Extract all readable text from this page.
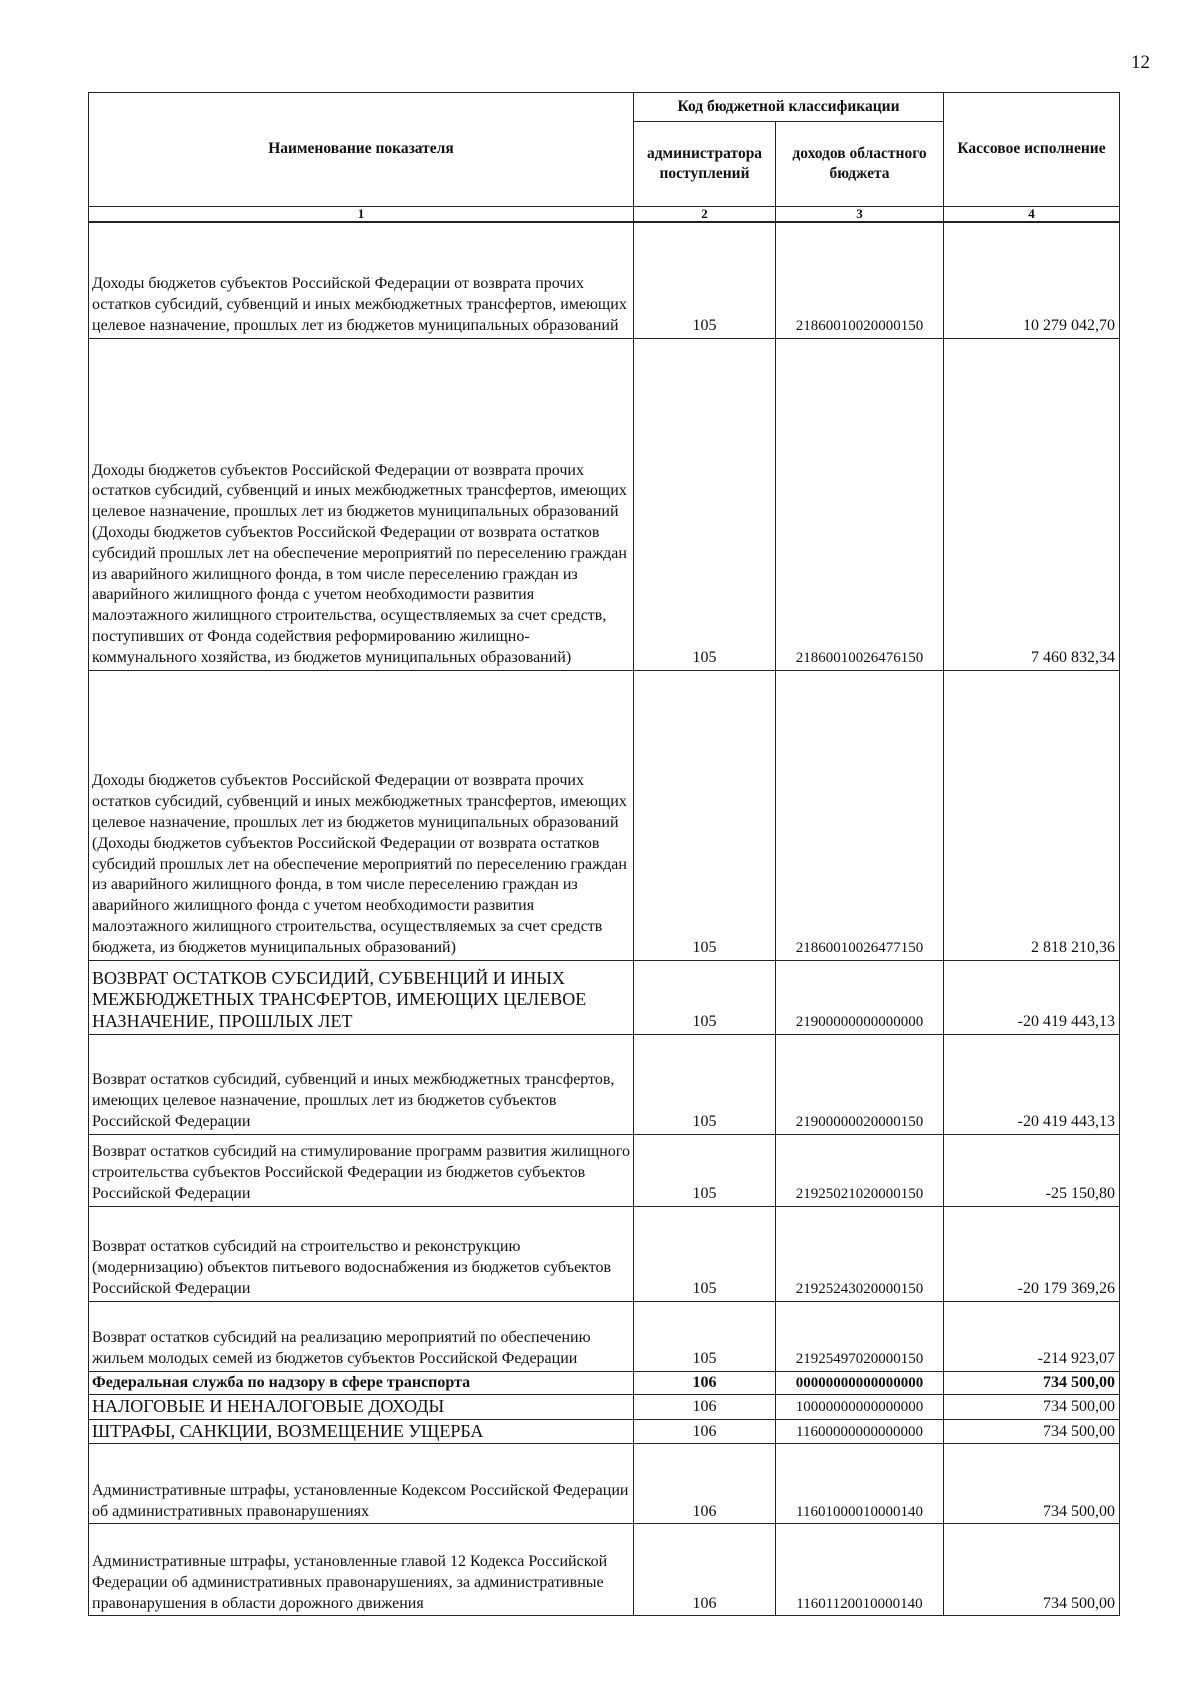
12
Наименование показателя	Код бюджетной классификации		Кассовое исполнение
	администратора поступлений	доходов областного бюджета	
1	2	3	4
Доходы бюджетов субъектов Российской Федерации от возврата прочих остатков субсидий, субвенций и иных межбюджетных трансфертов, имеющих целевое назначение, прошлых лет из бюджетов муниципальных образований	105	21860010020000150	10 279 042,70
Доходы бюджетов субъектов Российской Федерации от возврата прочих остатков субсидий, субвенций и иных межбюджетных трансфертов, имеющих целевое назначение, прошлых лет из бюджетов муниципальных образований (Доходы бюджетов субъектов Российской Федерации от возврата остатков субсидий прошлых лет на обеспечение мероприятий по переселению граждан из аварийного жилищного фонда, в том числе переселению граждан из аварийного жилищного фонда с учетом необходимости развития малоэтажного жилищного строительства, осуществляемых за счет средств, поступивших от Фонда содействия реформированию жилищно-коммунального хозяйства, из бюджетов муниципальных образований)	105	21860010026476150	7 460 832,34
Доходы бюджетов субъектов Российской Федерации от возврата прочих остатков субсидий, субвенций и иных межбюджетных трансфертов, имеющих целевое назначение, прошлых лет из бюджетов муниципальных образований (Доходы бюджетов субъектов Российской Федерации от возврата остатков субсидий прошлых лет на обеспечение мероприятий по переселению граждан из аварийного жилищного фонда, в том числе переселению граждан из аварийного жилищного фонда с учетом необходимости развития малоэтажного жилищного строительства, осуществляемых за счет средств бюджета, из бюджетов муниципальных образований)	105	21860010026477150	2 818 210,36
ВОЗВРАТ ОСТАТКОВ СУБСИДИЙ, СУБВЕНЦИЙ И ИНЫХ МЕЖБЮДЖЕТНЫХ ТРАНСФЕРТОВ, ИМЕЮЩИХ ЦЕЛЕВОЕ НАЗНАЧЕНИЕ, ПРОШЛЫХ ЛЕТ	105	21900000000000000	-20 419 443,13
Возврат остатков субсидий, субвенций и иных межбюджетных трансфертов, имеющих целевое назначение, прошлых лет из бюджетов субъектов Российской Федерации	105	21900000020000150	-20 419 443,13
Возврат остатков субсидий на стимулирование программ развития жилищного строительства субъектов Российской Федерации из бюджетов субъектов Российской Федерации	105	21925021020000150	-25 150,80
Возврат остатков субсидий на строительство и реконструкцию (модернизацию) объектов питьевого водоснабжения из бюджетов субъектов Российской Федерации	105	21925243020000150	-20 179 369,26
Возврат остатков субсидий на реализацию мероприятий по обеспечению жильем молодых семей из бюджетов субъектов Российской Федерации	105	21925497020000150	-214 923,07
Федеральная служба по надзору в сфере транспорта	106	00000000000000000	734 500,00
НАЛОГОВЫЕ И НЕНАЛОГОВЫЕ ДОХОДЫ	106	10000000000000000	734 500,00
ШТРАФЫ, САНКЦИИ, ВОЗМЕЩЕНИЕ УЩЕРБА	106	11600000000000000	734 500,00
Административные штрафы, установленные Кодексом Российской Федерации об административных правонарушениях	106	11601000010000140	734 500,00
Административные штрафы, установленные главой 12 Кодекса Российской Федерации об административных правонарушениях, за административные правонарушения в области дорожного движения	106	11601120010000140	734 500,00
